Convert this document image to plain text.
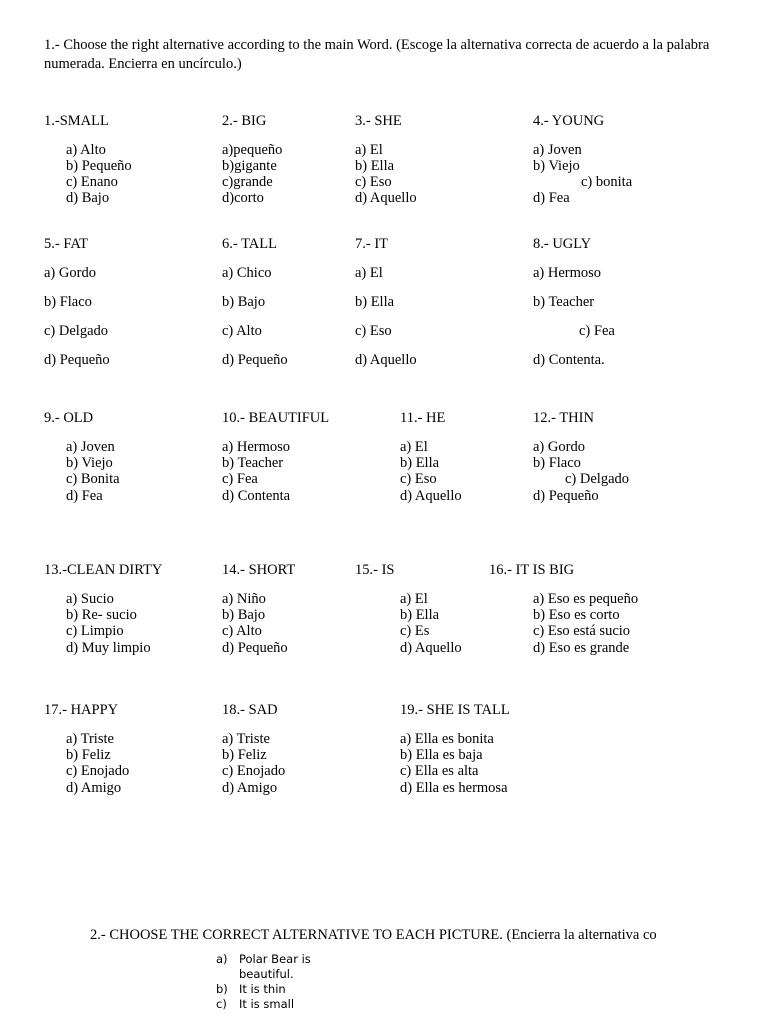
1.- Choose the right alternative according to the main Word. (Escoge la alternativa correcta de acuerdo a la palabra numerada. Encierra en uncírculo.)
1.-SMALL
a) Alto
b) Pequeño
c) Enano
d) Bajo
2.- BIG
a)pequeño
b)gigante
c)grande
d)corto
3.- SHE
a) El
b) Ella
c) Eso
d) Aquello
4.- YOUNG
a) Joven
b) Viejo
c) bonita
d) Fea
5.- FAT
a) Gordo
b) Flaco
c) Delgado
d) Pequeño
6.- TALL
a) Chico
b) Bajo
c) Alto
d) Pequeño
7.- IT
a) El
b) Ella
c) Eso
d) Aquello
8.- UGLY
a) Hermoso
b) Teacher
c) Fea
d) Contenta.
9.- OLD
a) Joven
b) Viejo
c) Bonita
d) Fea
10.- BEAUTIFUL
a) Hermoso
b) Teacher
c) Fea
d) Contenta
11.- HE
a) El
b) Ella
c) Eso
d) Aquello
12.- THIN
a) Gordo
b) Flaco
c) Delgado
d) Pequeño
13.-CLEAN DIRTY
a) Sucio
b) Re- sucio
c) Limpio
d) Muy limpio
14.- SHORT
a) Niño
b) Bajo
c) Alto
d) Pequeño
15.- IS
a) El
b) Ella
c) Es
d) Aquello
16.- IT IS BIG
a) Eso es pequeño
b) Eso es corto
c) Eso está sucio
d) Eso es grande
17.- HAPPY
a) Triste
b) Feliz
c) Enojado
d) Amigo
18.- SAD
a) Triste
b) Feliz
c) Enojado
d) Amigo
19.- SHE IS TALL
a) Ella es bonita
b) Ella es baja
c) Ella es alta
d) Ella es hermosa
2.- CHOOSE THE CORRECT ALTERNATIVE TO EACH PICTURE. (Encierra la alternativa co
a) Polar Bear is
beautiful.
b) It is thin
c) It is small
